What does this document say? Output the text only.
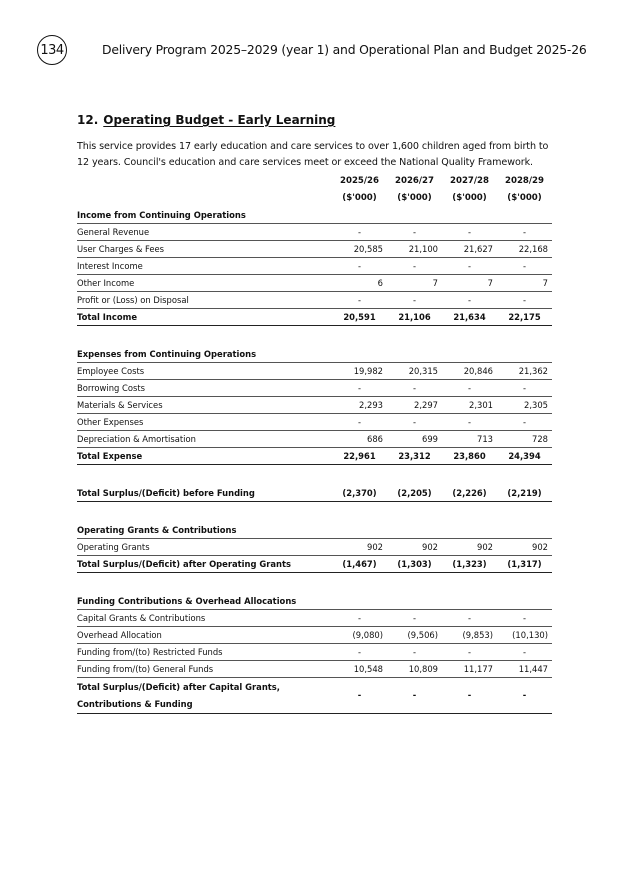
134	Delivery Program 2025–2029 (year 1) and Operational Plan and Budget 2025-26
12. Operating Budget - Early Learning
This service provides 17 early education and care services to over 1,600 children aged from birth to 12 years. Council's education and care services meet or exceed the National Quality Framework.
	2025/26	2026/27	2027/28	2028/29
	($'000)	($'000)	($'000)	($'000)
Income from Continuing Operations				
General Revenue	-	-	-	-
User Charges & Fees	20,585	21,100	21,627	22,168
Interest Income	-	-	-	-
Other Income	6	7	7	7
Profit or (Loss) on Disposal	-	-	-	-
Total Income	20,591	21,106	21,634	22,175

Expenses from Continuing Operations				
Employee Costs	19,982	20,315	20,846	21,362
Borrowing Costs	-	-	-	-
Materials & Services	2,293	2,297	2,301	2,305
Other Expenses	-	-	-	-
Depreciation & Amortisation	686	699	713	728
Total Expense	22,961	23,312	23,860	24,394

Total Surplus/(Deficit) before Funding	(2,370)	(2,205)	(2,226)	(2,219)

Operating Grants & Contributions				
Operating Grants	902	902	902	902
Total Surplus/(Deficit) after Operating Grants	(1,467)	(1,303)	(1,323)	(1,317)

Funding Contributions & Overhead Allocations				
Capital Grants & Contributions	-	-	-	-
Overhead Allocation	(9,080)	(9,506)	(9,853)	(10,130)
Funding from/(to) Restricted Funds	-	-	-	-
Funding from/(to) General Funds	10,548	10,809	11,177	11,447
Total Surplus/(Deficit) after Capital Grants, Contributions & Funding	-	-	-	-
